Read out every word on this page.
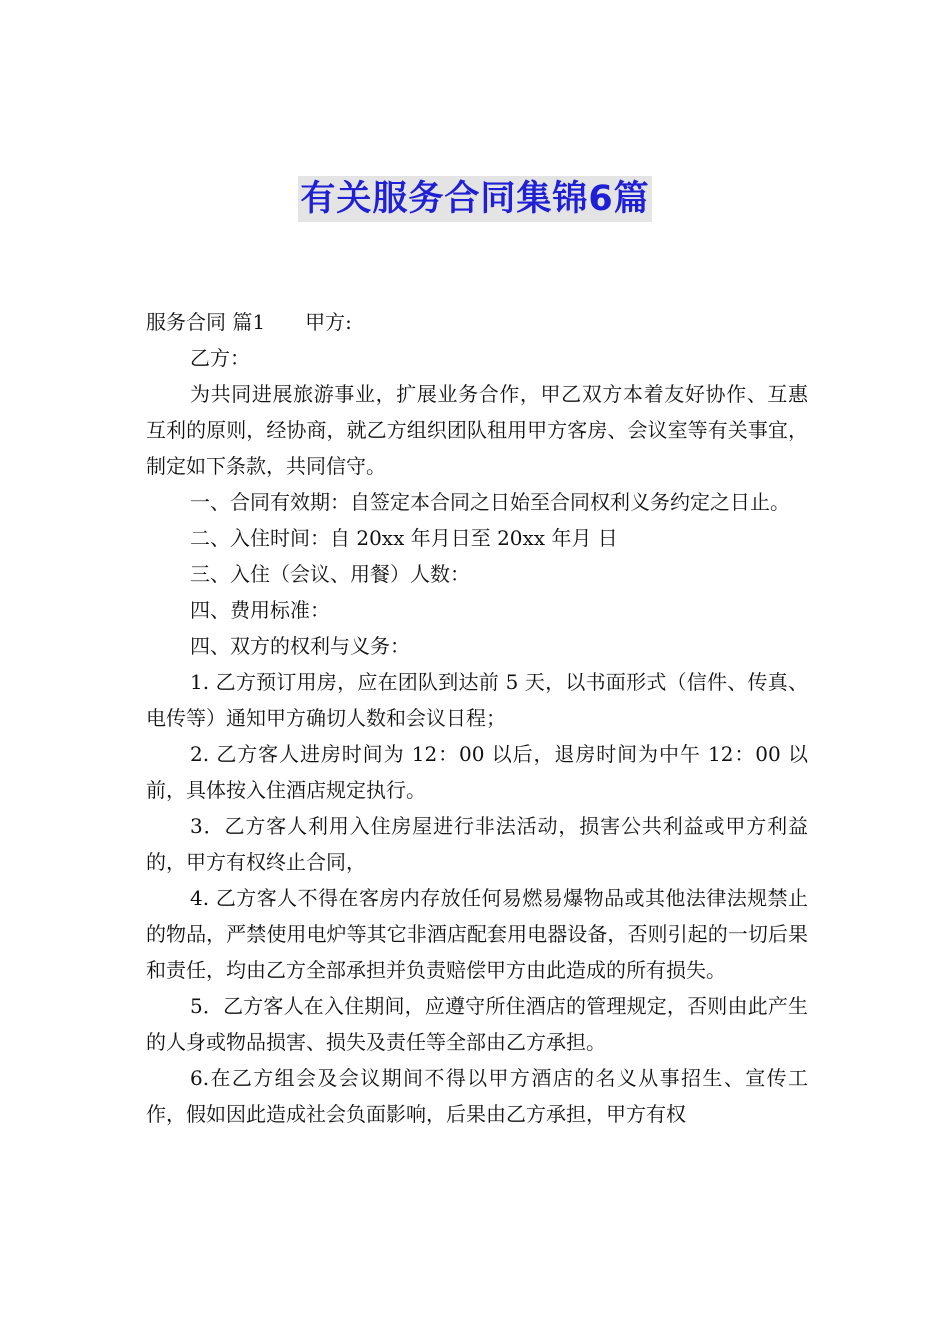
有关服务合同集锦6篇

服务合同 篇1　　甲方:

乙方：

为共同进展旅游事业，扩展业务合作，甲乙双方本着友好协作、互惠互利的原则，经协商，就乙方组织团队租用甲方客房、会议室等有关事宜，制定如下条款，共同信守。

一、合同有效期：自签定本合同之日始至合同权利义务约定之日止。

二、入住时间：自 20xx 年月日至 20xx 年月 日

三、入住（会议、用餐）人数：

四、费用标准：

四、双方的权利与义务：

1. 乙方预订用房，应在团队到达前 5 天，以书面形式（信件、传真、电传等）通知甲方确切人数和会议日程；

2. 乙方客人进房时间为 12：00 以后，退房时间为中午 12：00 以前，具体按入住酒店规定执行。

3．乙方客人利用入住房屋进行非法活动，损害公共利益或甲方利益的，甲方有权终止合同，

4. 乙方客人不得在客房内存放任何易燃易爆物品或其他法律法规禁止的物品，严禁使用电炉等其它非酒店配套用电器设备，否则引起的一切后果和责任，均由乙方全部承担并负责赔偿甲方由此造成的所有损失。

5．乙方客人在入住期间，应遵守所住酒店的管理规定，否则由此产生的人身或物品损害、损失及责任等全部由乙方承担。

6.在乙方组会及会议期间不得以甲方酒店的名义从事招生、宣传工作，假如因此造成社会负面影响，后果由乙方承担，甲方有权
